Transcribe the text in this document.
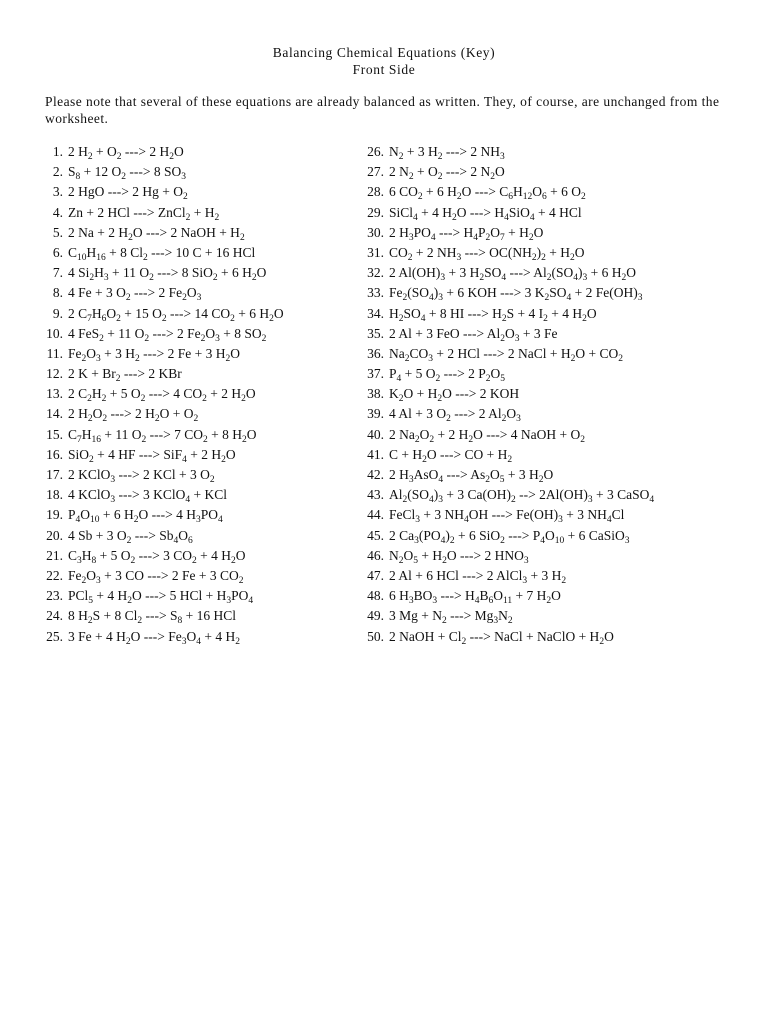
Balancing Chemical Equations (Key)
Front Side
Please note that several of these equations are already balanced as written. They, of course, are unchanged from the worksheet.
1. 2 $H_2 + O_2$ ---> 2 $H_2O$
2. $S_8 + 12$ $O_2$ ---> 8 $SO_3$
3. 2 HgO ---> 2 $Hg + O_2$
4. Zn + 2 HCl ---> ZnCl$_2$ + $H_2$
5. 2 Na + 2 $H_2O$ ---> 2 NaOH + $H_2$
6. $C_{10}H_{16} + 8$ $Cl_2$ ---> 10 C + 16 HCl
7. 4 $Si_2H_3 + 11$ $O_2$ ---> 8 SiO$_2$ + 6 $H_2O$
8. 4 Fe + 3 $O_2$ ---> 2 $Fe_2O_3$
9. 2 $C_7H_6O_2 + 15$ $O_2$ ---> 14 $CO_2 + 6$ $H_2O$
10. 4 FeS$_2$ + 11 $O_2$ ---> 2 $Fe_2O_3 + 8$ $SO_2$
11. $Fe_2O_3 + 3$ $H_2$ ---> 2 Fe + 3 $H_2O$
12. 2 $K + Br_2$ ---> 2 KBr
13. 2 $C_2H_2 + 5$ $O_2$ ---> 4 $CO_2 + 2$ $H_2O$
14. 2 $H_2O_2$ ---> 2 $H_2O + O_2$
15. $C_7H_{16} + 11$ $O_2$ ---> 7 $CO_2 + 8$ $H_2O$
16. SiO$_2$ + 4 HF ---> SiF$_4$ + 2 $H_2O$
17. 2 KClO$_3$ ---> 2 KCl + 3 $O_2$
18. 4 KClO$_3$ ---> 3 KClO$_4$ + KCl
19. $P_4O_{10} + 6$ $H_2O$ ---> 4 $H_3PO_4$
20. 4 Sb + 3 $O_2$ ---> $Sb_4O_6$
21. $C_3H_8 + 5$ $O_2$ ---> 3 $CO_2 + 4$ $H_2O$
22. $Fe_2O_3 + 3$ CO ---> 2 Fe + 3 $CO_2$
23. PCl$_5$ + 4 $H_2O$ ---> 5 HCl + $H_3PO_4$
24. 8 $H_2S + 8$ $Cl_2$ ---> $S_8 + 16$ HCl
25. 3 Fe + 4 $H_2O$ ---> $Fe_3O_4 + 4$ $H_2$
26. $N_2 + 3$ $H_2$ ---> 2 $NH_3$
27. 2 $N_2 + O_2$ ---> 2 $N_2O$
28. 6 $CO_2 + 6$ $H_2O$ ---> $C_6H_{12}O_6 + 6$ $O_2$
29. SiCl$_4$ + 4 $H_2O$ ---> $H_4SiO_4 + 4$ HCl
30. 2 $H_3PO_4$ ---> $H_4P_2O_7 + H_2O$
31. $CO_2 + 2$ $NH_3$ ---> $OC(NH_2)_2 + H_2O$
32. 2 $Al(OH)_3 + 3$ $H_2SO_4$ ---> $Al_2(SO_4)_3 + 6$ $H_2O$
33. $Fe_2(SO_4)_3 + 6$ KOH ---> 3 $K_2SO_4 + 2$ $Fe(OH)_3$
34. $H_2SO_4 + 8$ HI ---> $H_2S + 4$ $I_2 + 4$ $H_2O$
35. 2 Al + 3 FeO ---> $Al_2O_3 + 3$ Fe
36. $Na_2CO_3 + 2$ HCl ---> 2 NaCl + $H_2O + CO_2$
37. $P_4 + 5$ $O_2$ ---> 2 $P_2O_5$
38. $K_2O + H_2O$ ---> 2 KOH
39. 4 Al + 3 $O_2$ ---> 2 $Al_2O_3$
40. 2 $Na_2O_2 + 2$ $H_2O$ ---> 4 NaOH + $O_2$
41. $C + H_2O$ ---> CO + $H_2$
42. 2 $H_3AsO_4$ ---> $As_2O_5 + 3$ $H_2O$
43. $Al_2(SO_4)_3 + 3$ $Ca(OH)_2$ --> $2Al(OH)_3 + 3$ CaSO$_4$
44. FeCl$_3$ + 3 $NH_4OH$ ---> $Fe(OH)_3 + 3$ $NH_4Cl$
45. 2 $Ca_3(PO_4)_2 + 6$ SiO$_2$ ---> $P_4O_{10} + 6$ CaSiO$_3$
46. $N_2O_5 + H_2O$ ---> 2 $HNO_3$
47. 2 Al + 6 HCl ---> 2 AlCl$_3$ + 3 $H_2$
48. 6 $H_3BO_3$ ---> $H_4B_6O_{11} + 7$ $H_2O$
49. 3 $Mg + N_2$ ---> $Mg_3N_2$
50. 2 NaOH + $Cl_2$ ---> NaCl + NaClO + $H_2O$
